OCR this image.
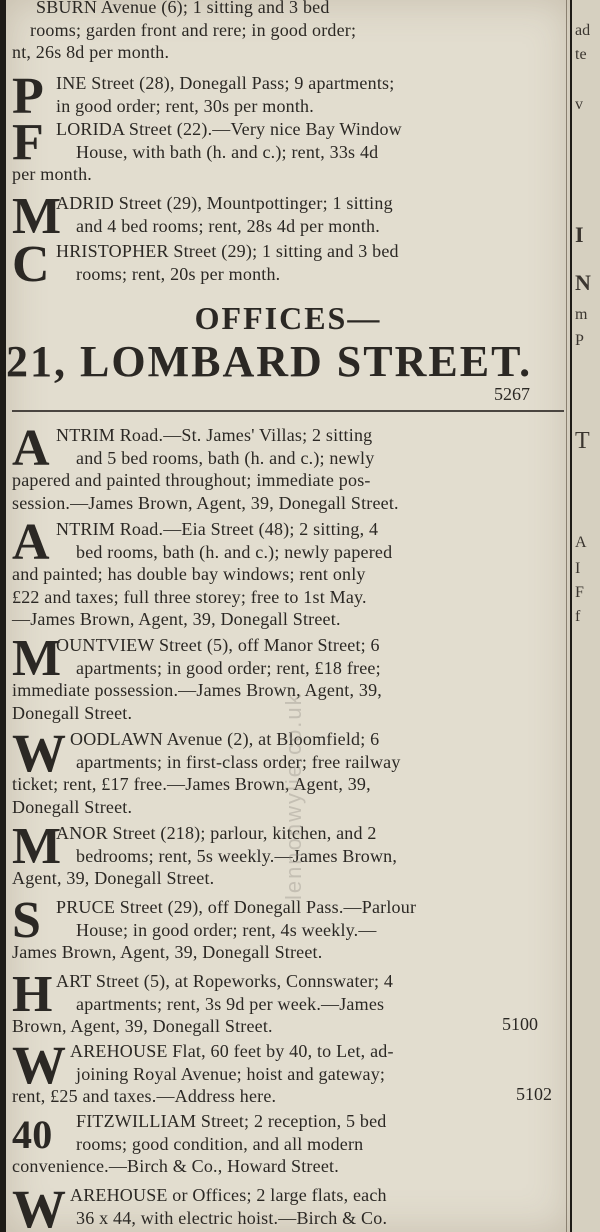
SBURN Avenue (6); 1 sitting and 3 bed
rooms; garden front and rere; in good order;
nt, 26s 8d per month.
P INE Street (28), Donegall Pass; 9 apartments;
in good order; rent, 30s per month.
F LORIDA Street (22).—Very nice Bay Window
House, with bath (h. and c.); rent, 33s 4d
per month.
M
ADRID Street (29), Mountpottinger; 1 sitting
and 4 bed rooms; rent, 28s 4d per month.
C HRISTOPHER Street (29); 1 sitting and 3 bed
rooms; rent, 20s per month.
OFFICES—
21, LOMBARD STREET.
5267
A NTRIM Road.—St. James' Villas; 2 sitting
and 5 bed rooms, bath (h. and c.); newly
papered and painted throughout; immediate pos-
session.—James Brown, Agent, 39, Donegall Street.
A NTRIM Road.—Eia Street (48); 2 sitting, 4
bed rooms, bath (h. and c.); newly papered
and painted; has double bay windows; rent only
£22 and taxes; full three storey; free to 1st May.
—James Brown, Agent, 39, Donegall Street.
M
OUNTVIEW Street (5), off Manor Street; 6
apartments; in good order; rent, £18 free;
immediate possession.—James Brown, Agent, 39,
Donegall Street.
W OODLAWN Avenue (2), at Bloomfield; 6
apartments; in first-class order; free railway
ticket; rent, £17 free.—James Brown, Agent, 39,
Donegall Street.
M
ANOR Street (218); parlour, kitchen, and 2
bedrooms; rent, 5s weekly.—James Brown,
Agent, 39, Donegall Street.
S PRUCE Street (29), off Donegall Pass.—Parlour
House; in good order; rent, 4s weekly.—
James Brown, Agent, 39, Donegall Street.
H ART Street (5), at Ropeworks, Connswater; 4
apartments; rent, 3s 9d per week.—James
Brown, Agent, 39, Donegall Street.	5100
W AREHOUSE Flat, 60 feet by 40, to Let, ad-
joining Royal Avenue; hoist and gateway;
rent, £25 and taxes.—Address here.	5102
40	FITZWILLIAM Street; 2 reception, 5 bed
rooms; good condition, and all modern
convenience.—Birch & Co., Howard Street.
W AREHOUSE or Offices; 2 large flats, each
36 x 44, with electric hoist.—Birch & Co.
lennonwylie.co.uk
ad
te
v
I
N
m
P
T
A
I
F
f
